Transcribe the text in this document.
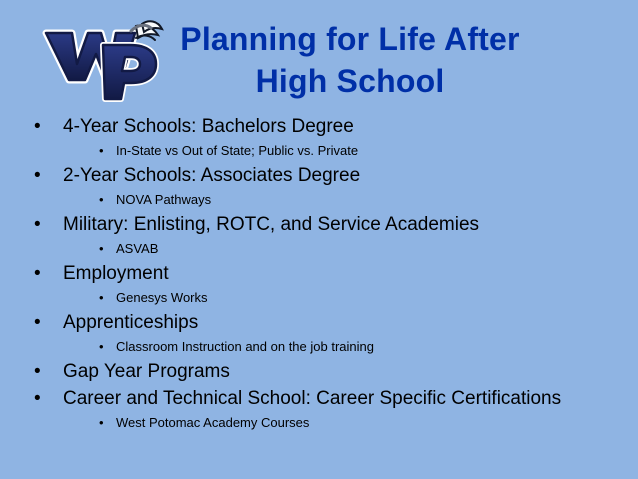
Planning for Life After
High School
• 4-Year Schools: Bachelors Degree
• In-State vs Out of State; Public vs. Private
• 2-Year Schools: Associates Degree
• NOVA Pathways
• Military: Enlisting, ROTC, and Service Academies
• ASVAB
• Employment
• Genesys Works
• Apprenticeships
• Classroom Instruction and on the job training
• Gap Year Programs
• Career and Technical School: Career Specific Certifications
• West Potomac Academy Courses
